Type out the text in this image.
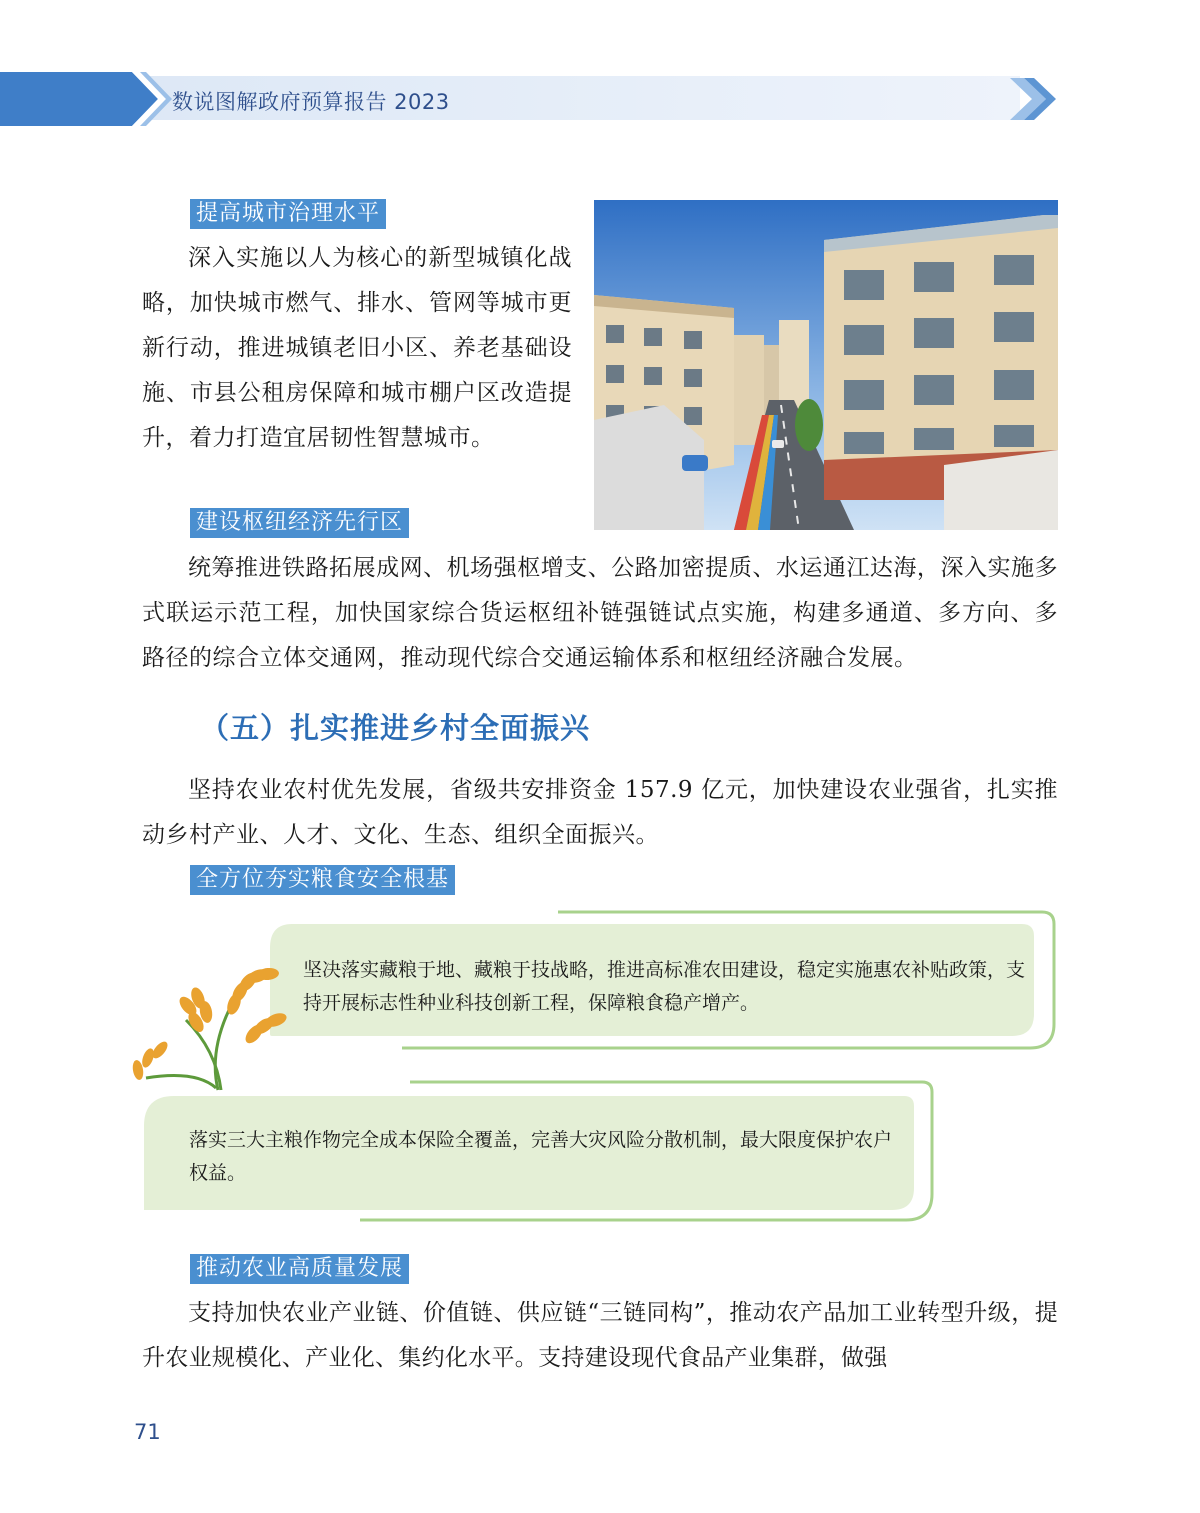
数说图解政府预算报告 2023
提高城市治理水平
深入实施以人为核心的新型城镇化战略，加快城市燃气、排水、管网等城市更新行动，推进城镇老旧小区、养老基础设施、市县公租房保障和城市棚户区改造提升，着力打造宜居韧性智慧城市。
建设枢纽经济先行区
统筹推进铁路拓展成网、机场强枢增支、公路加密提质、水运通江达海，深入实施多式联运示范工程，加快国家综合货运枢纽补链强链试点实施，构建多通道、多方向、多路径的综合立体交通网，推动现代综合交通运输体系和枢纽经济融合发展。
（五）扎实推进乡村全面振兴
坚持农业农村优先发展，省级共安排资金 157.9 亿元，加快建设农业强省，扎实推动乡村产业、人才、文化、生态、组织全面振兴。
全方位夯实粮食安全根基
坚决落实藏粮于地、藏粮于技战略，推进高标准农田建设，稳定实施惠农补贴政策，支持开展标志性种业科技创新工程，保障粮食稳产增产。
落实三大主粮作物完全成本保险全覆盖，完善大灾风险分散机制，最大限度保护农户权益。
推动农业高质量发展
支持加快农业产业链、价值链、供应链“三链同构”，推动农产品加工业转型升级，提升农业规模化、产业化、集约化水平。支持建设现代食品产业集群，做强
71
